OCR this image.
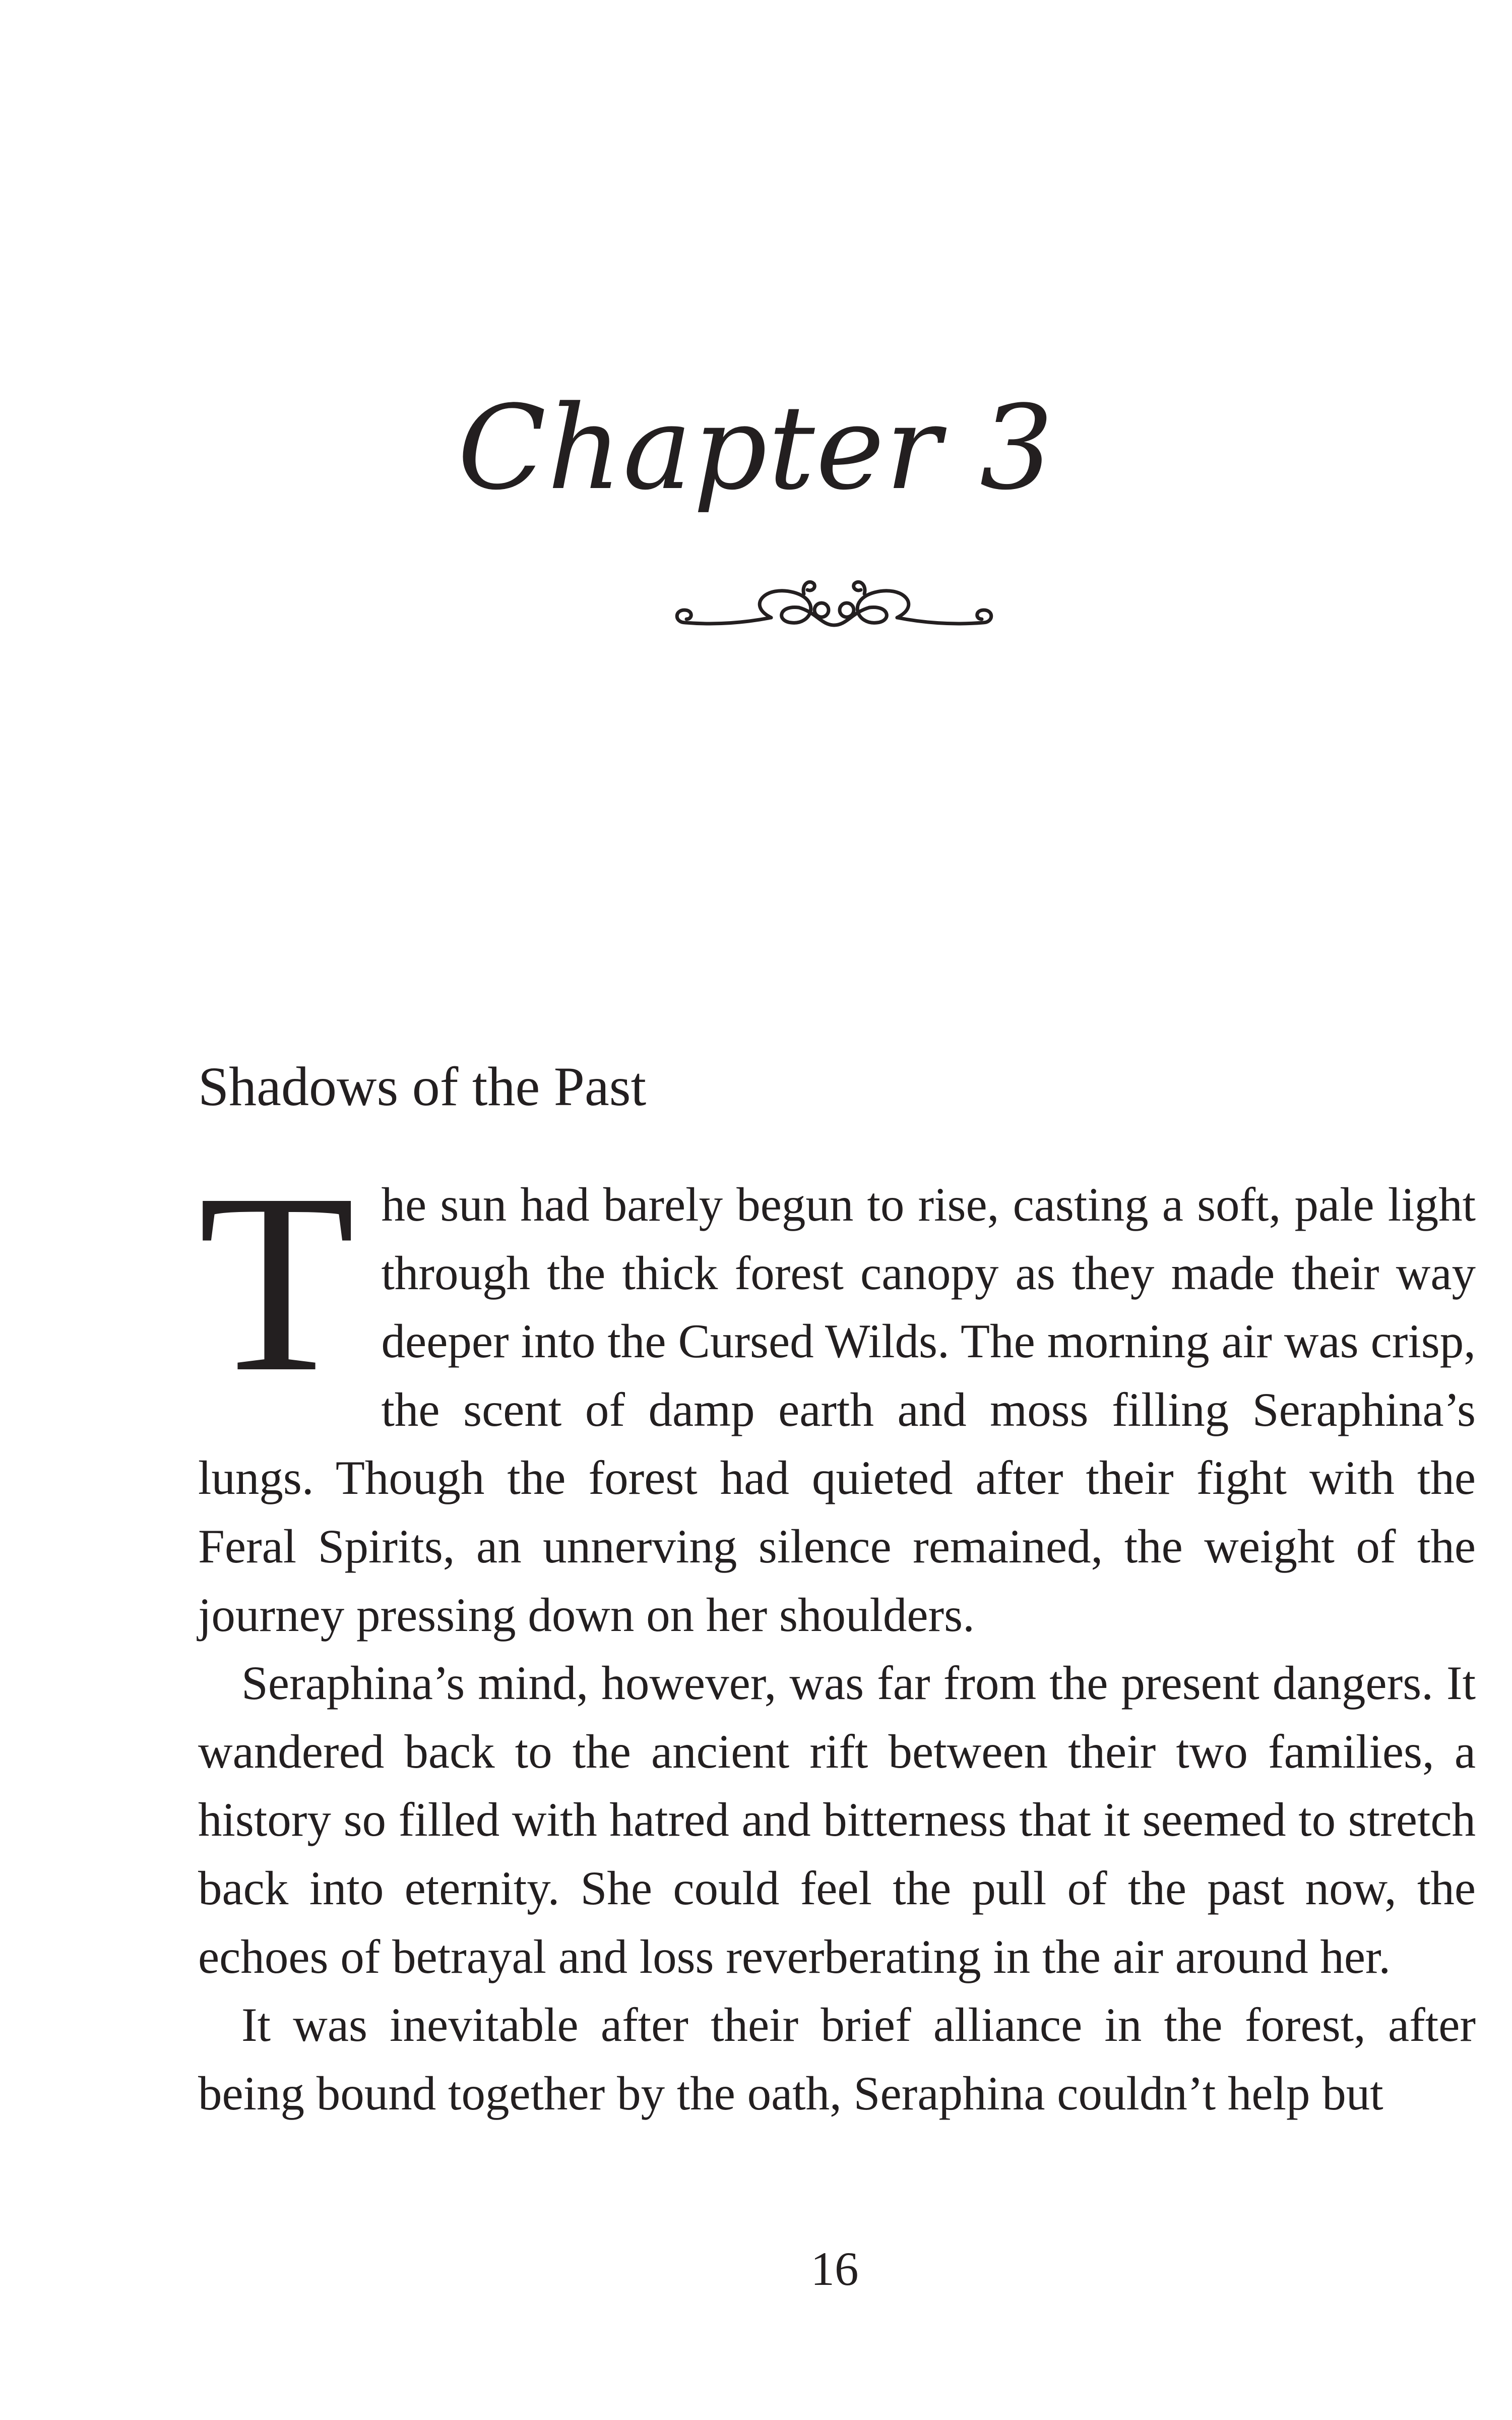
Chapter 3
Shadows of the Past

The sun had barely begun to rise, casting a soft, pale light through the thick forest canopy as they made their way deeper into the Cursed Wilds. The morning air was crisp, the scent of damp earth and moss filling Seraphina’s lungs. Though the forest had quieted after their fight with the Feral Spirits, an unnerving silence remained, the weight of the journey pressing down on her shoulders.

Seraphina’s mind, however, was far from the present dangers. It wandered back to the ancient rift between their two families, a history so filled with hatred and bitterness that it seemed to stretch back into eternity. She could feel the pull of the past now, the echoes of betrayal and loss reverberating in the air around her.

It was inevitable after their brief alliance in the forest, after being bound together by the oath, Seraphina couldn’t help but

16
